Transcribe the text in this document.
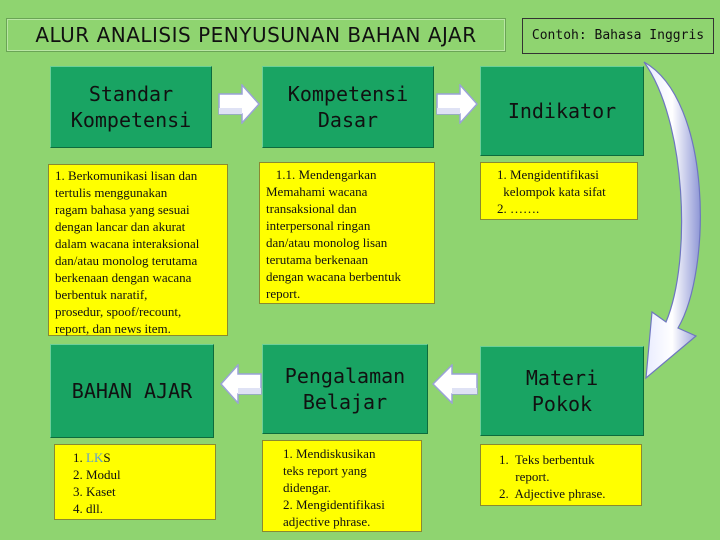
ALUR ANALISIS PENYUSUNAN BAHAN AJAR	Contoh: Bahasa Inggris
Standar
Kompetensi
1. Berkomunikasi lisan dan
tertulis menggunakan
ragam bahasa yang sesuai
dengan lancar dan akurat
dalam wacana interaksional
dan/atau monolog terutama
berkenaan dengan wacana
berbentuk naratif,
prosedur, spoof/recount,
report, dan news item.
Kompetensi
Dasar
1.1. Mendengarkan
Memahami wacana
transaksional dan
interpersonal ringan
dan/atau monolog lisan
terutama berkenaan
dengan wacana berbentuk
report.
Indikator
1. Mengidentifikasi
kelompok kata sifat
2. …….
BAHAN AJAR
1. LKS
2. Modul
3. Kaset
4. dll.
Pengalaman
Belajar
1. Mendiskusikan
teks report yang
didengar.
2. Mengidentifikasi
adjective phrase.
Materi
Pokok
1.  Teks berbentuk
report.
2.  Adjective phrase.
